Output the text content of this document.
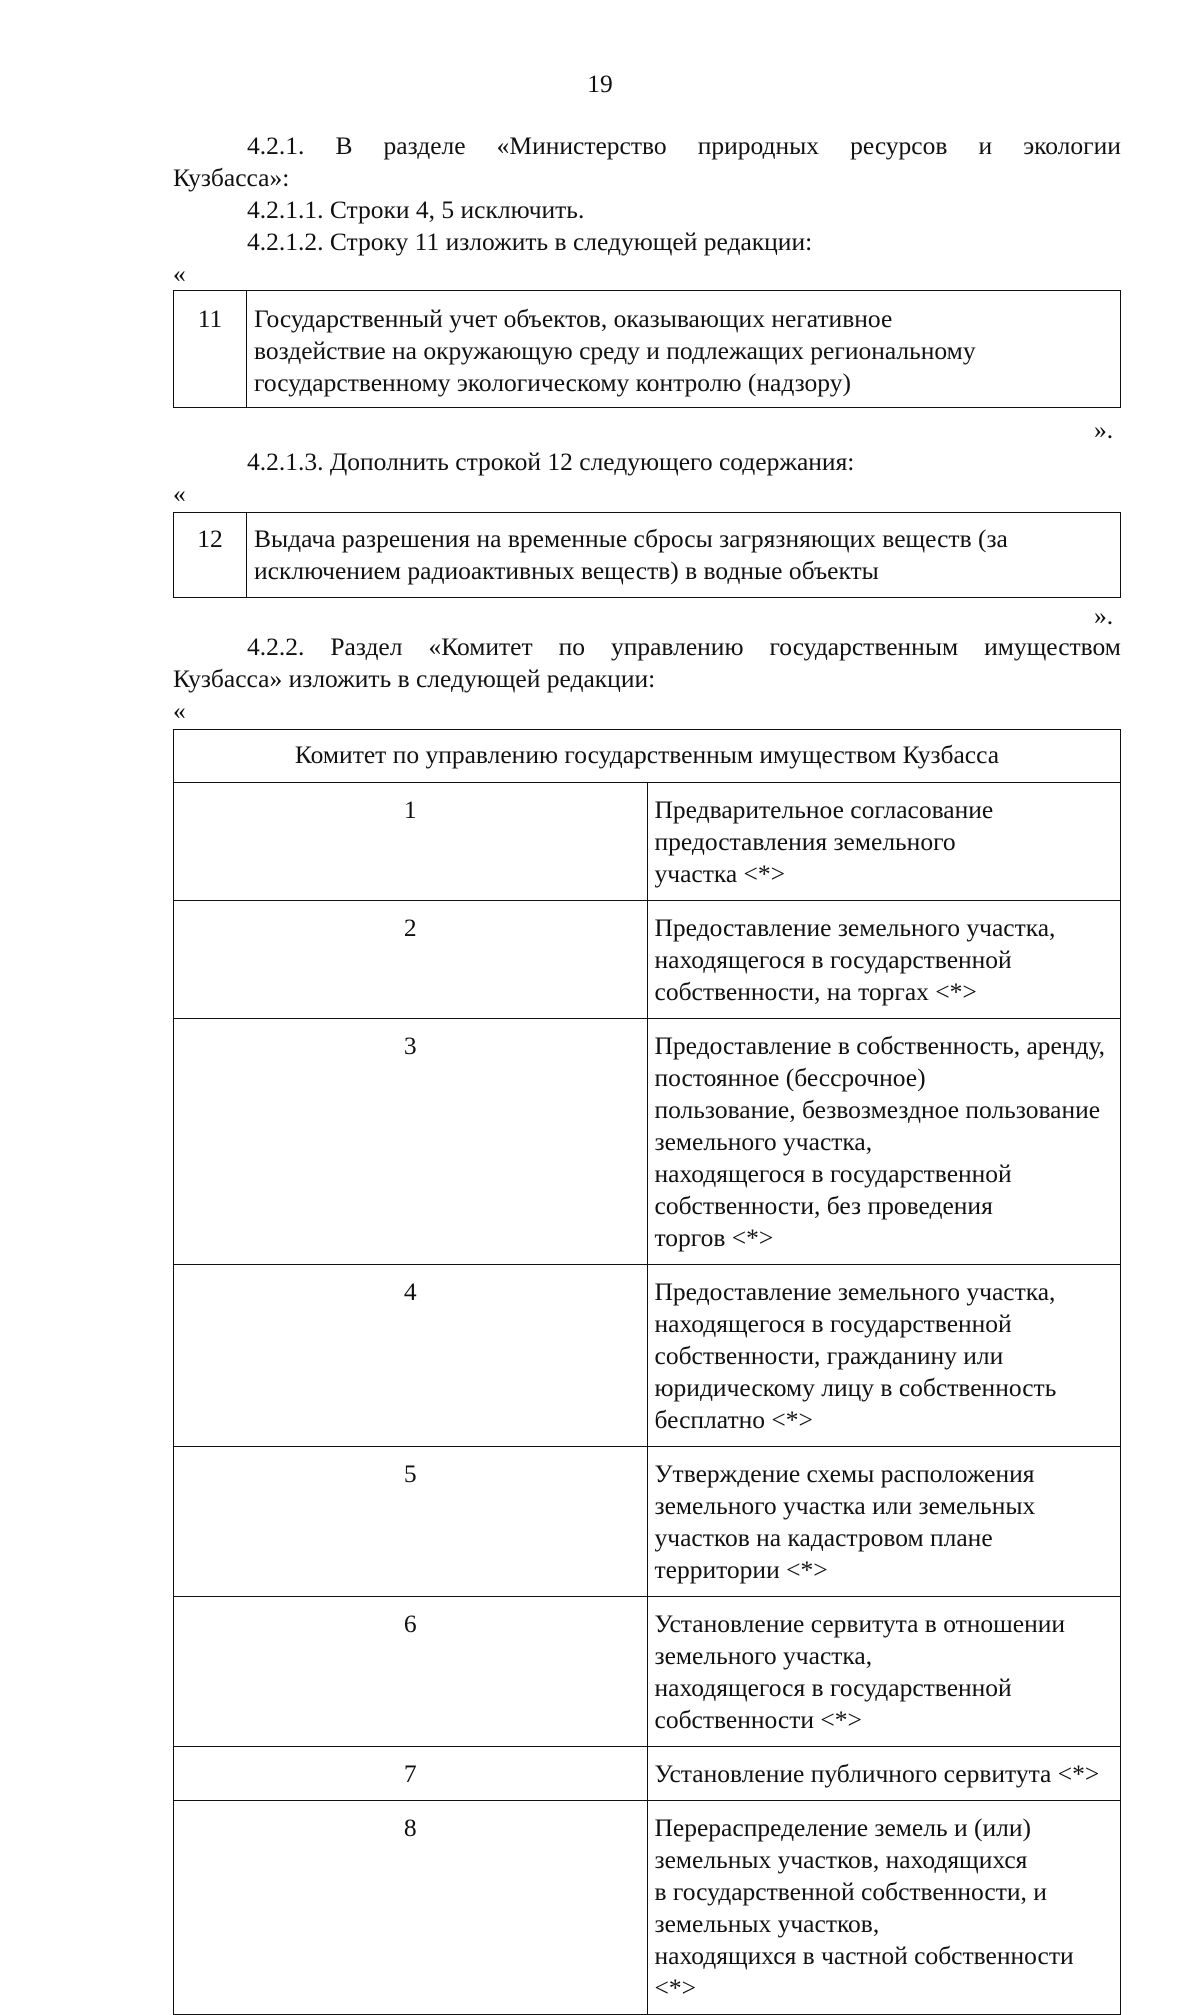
19
4.2.1. В разделе «Министерство природных ресурсов и экологии
Кузбасса»:
4.2.1.1. Строки 4, 5 исключить.
4.2.1.2. Строку 11 изложить в следующей редакции:
«
11	Государственный учет объектов, оказывающих негативное
воздействие на окружающую среду и подлежащих региональному
государственному экологическому контролю (надзору)
».
4.2.1.3. Дополнить строкой 12 следующего содержания:
«
12	Выдача разрешения на временные сбросы загрязняющих веществ (за
исключением радиоактивных веществ) в водные объекты
».
4.2.2. Раздел «Комитет по управлению государственным имуществом
Кузбасса» изложить в следующей редакции:
«
Комитет по управлению государственным имуществом Кузбасса	
1	Предварительное согласование предоставления земельного
участка <*>

2	Предоставление земельного участка, находящегося в государственной
собственности, на торгах <*>

3	Предоставление в собственность, аренду, постоянное (бессрочное)
пользование, безвозмездное пользование земельного участка,
находящегося в государственной собственности, без проведения
торгов <*>

4	Предоставление земельного участка, находящегося в государственной
собственности, гражданину или юридическому лицу в собственность
бесплатно <*>

5	Утверждение схемы расположения земельного участка или земельных
участков на кадастровом плане территории <*>

6	Установление сервитута в отношении земельного участка,
находящегося в государственной собственности <*>

7	Установление публичного сервитута <*>

8	Перераспределение земель и (или) земельных участков, находящихся
в государственной собственности, и земельных участков,
находящихся в частной собственности <*>
